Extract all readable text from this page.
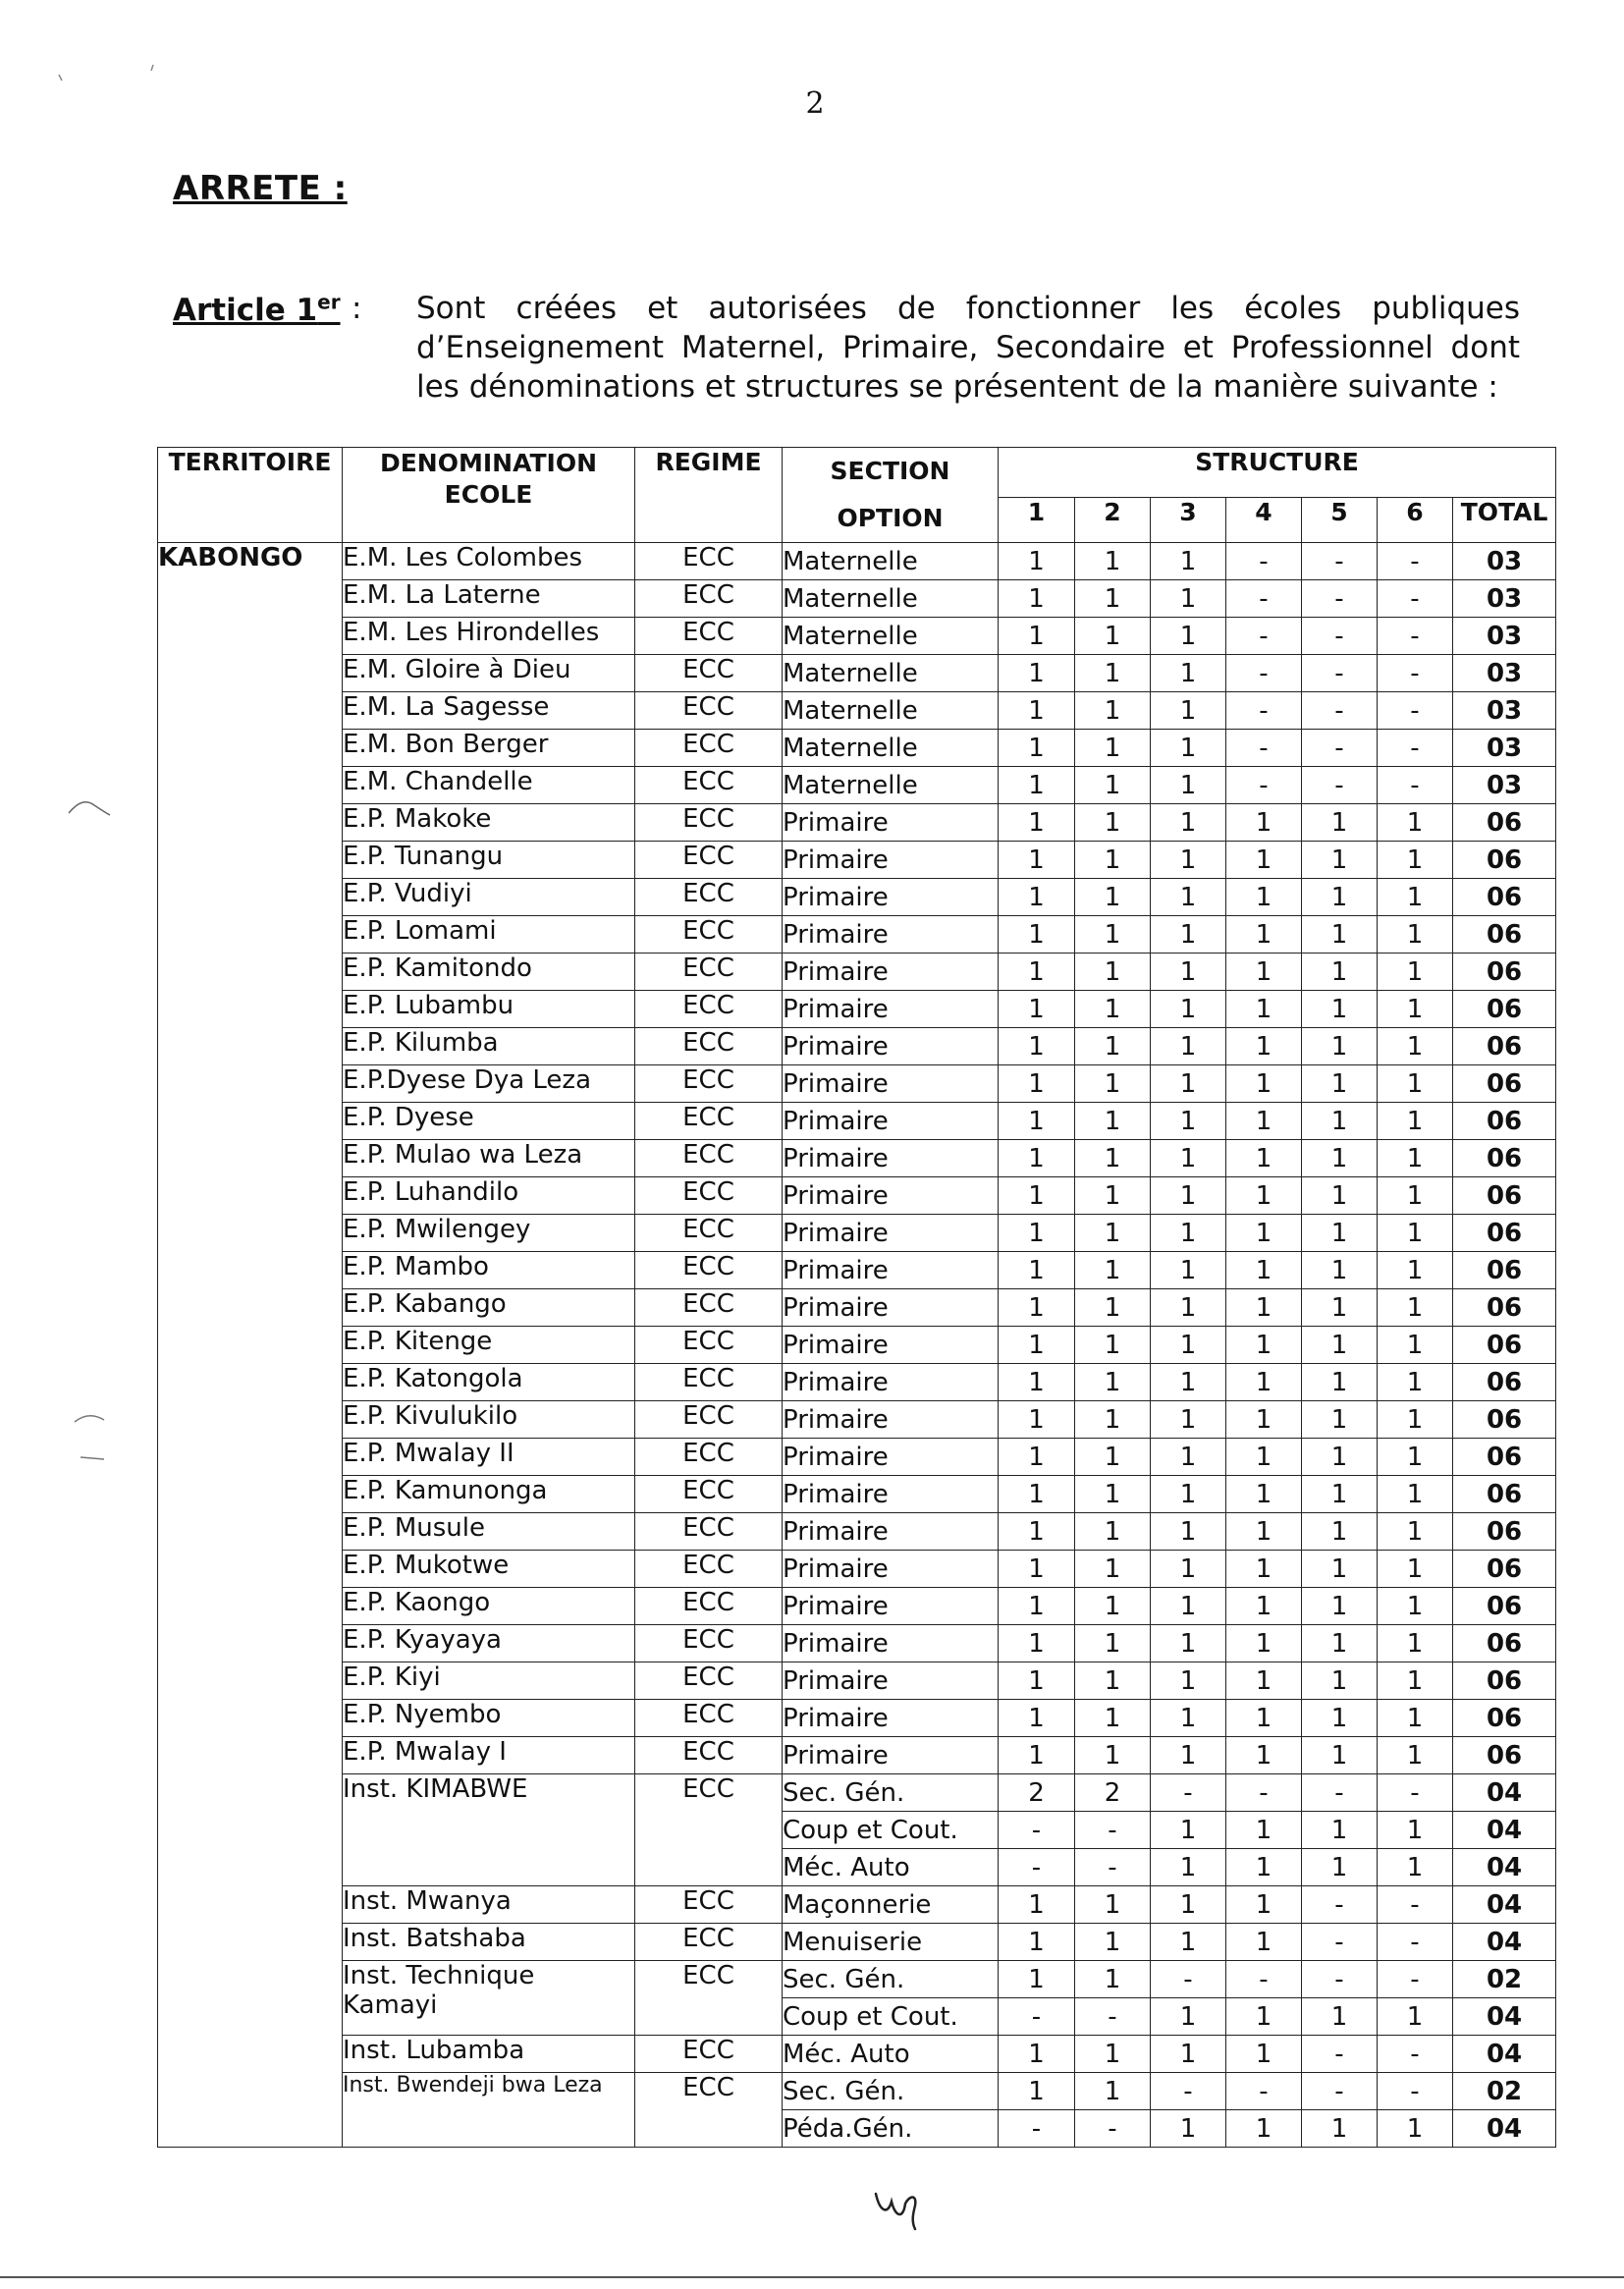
2
ARRETE :
Article 1er : Sont créées et autorisées de fonctionner les écoles publiques d’Enseignement Maternel, Primaire, Secondaire et Professionnel dont les dénominations et structures se présentent de la manière suivante :
TERRITOIRE	DENOMINATION ECOLE	REGIME	SECTION OPTION	STRUCTURE						
				1	2	3	4	5	6	TOTAL
KABONGO	E.M. Les Colombes	ECC	Maternelle	1	1	1	-	-	-	03
	E.M. La Laterne	ECC	Maternelle	1	1	1	-	-	-	03
	E.M. Les Hirondelles	ECC	Maternelle	1	1	1	-	-	-	03
	E.M. Gloire à Dieu	ECC	Maternelle	1	1	1	-	-	-	03
	E.M. La Sagesse	ECC	Maternelle	1	1	1	-	-	-	03
	E.M. Bon Berger	ECC	Maternelle	1	1	1	-	-	-	03
	E.M. Chandelle	ECC	Maternelle	1	1	1	-	-	-	03
	E.P. Makoke	ECC	Primaire	1	1	1	1	1	1	06
	E.P. Tunangu	ECC	Primaire	1	1	1	1	1	1	06
	E.P. Vudiyi	ECC	Primaire	1	1	1	1	1	1	06
	E.P. Lomami	ECC	Primaire	1	1	1	1	1	1	06
	E.P. Kamitondo	ECC	Primaire	1	1	1	1	1	1	06
	E.P. Lubambu	ECC	Primaire	1	1	1	1	1	1	06
	E.P. Kilumba	ECC	Primaire	1	1	1	1	1	1	06
	E.P.Dyese Dya Leza	ECC	Primaire	1	1	1	1	1	1	06
	E.P. Dyese	ECC	Primaire	1	1	1	1	1	1	06
	E.P. Mulao wa Leza	ECC	Primaire	1	1	1	1	1	1	06
	E.P. Luhandilo	ECC	Primaire	1	1	1	1	1	1	06
	E.P. Mwilengey	ECC	Primaire	1	1	1	1	1	1	06
	E.P. Mambo	ECC	Primaire	1	1	1	1	1	1	06
	E.P. Kabango	ECC	Primaire	1	1	1	1	1	1	06
	E.P. Kitenge	ECC	Primaire	1	1	1	1	1	1	06
	E.P. Katongola	ECC	Primaire	1	1	1	1	1	1	06
	E.P. Kivulukilo	ECC	Primaire	1	1	1	1	1	1	06
	E.P. Mwalay II	ECC	Primaire	1	1	1	1	1	1	06
	E.P. Kamunonga	ECC	Primaire	1	1	1	1	1	1	06
	E.P. Musule	ECC	Primaire	1	1	1	1	1	1	06
	E.P. Mukotwe	ECC	Primaire	1	1	1	1	1	1	06
	E.P. Kaongo	ECC	Primaire	1	1	1	1	1	1	06
	E.P. Kyayaya	ECC	Primaire	1	1	1	1	1	1	06
	E.P. Kiyi	ECC	Primaire	1	1	1	1	1	1	06
	E.P. Nyembo	ECC	Primaire	1	1	1	1	1	1	06
	E.P. Mwalay I	ECC	Primaire	1	1	1	1	1	1	06
	Inst. KIMABWE	ECC	Sec. Gén.	2	2	-	-	-	-	04
			Coup et Cout.	-	-	1	1	1	1	04
			Méc. Auto	-	-	1	1	1	1	04
	Inst. Mwanya	ECC	Maçonnerie	1	1	1	1	-	-	04
	Inst. Batshaba	ECC	Menuiserie	1	1	1	1	-	-	04
	Inst. Technique Kamayi	ECC	Sec. Gén.	1	1	-	-	-	-	02
			Coup et Cout.	-	-	1	1	1	1	04
	Inst. Lubamba	ECC	Méc. Auto	1	1	1	1	-	-	04
	Inst. Bwendeji bwa Leza	ECC	Sec. Gén.	1	1	-	-	-	-	02
			Péda.Gén.	-	-	1	1	1	1	04
